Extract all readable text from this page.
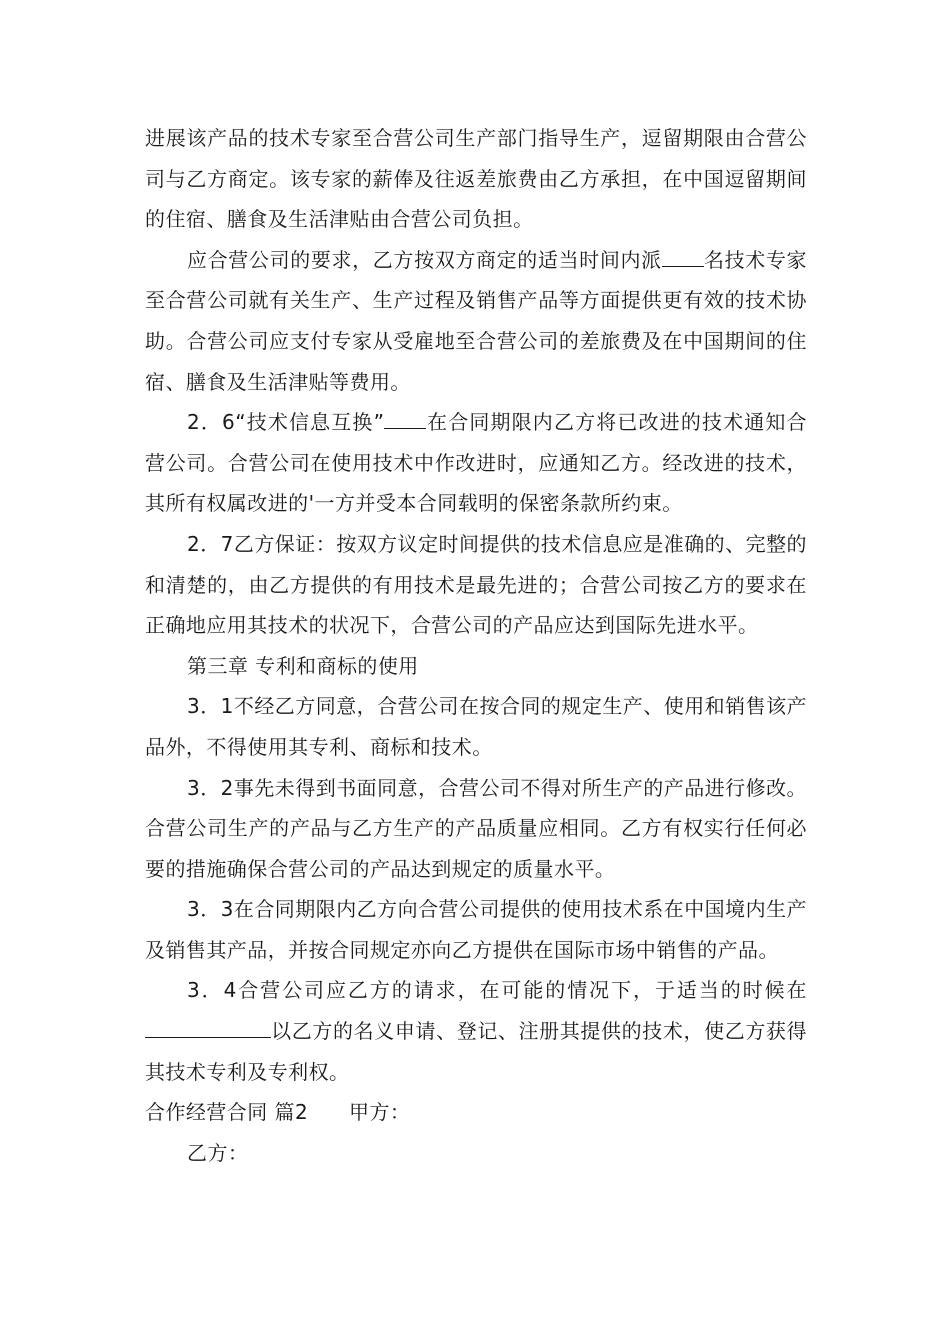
进展该产品的技术专家至合营公司生产部门指导生产，逗留期限由合营公司与乙方商定。该专家的薪俸及往返差旅费由乙方承担，在中国逗留期间的住宿、膳食及生活津贴由合营公司负担。

应合营公司的要求，乙方按双方商定的适当时间内派 名技术专家至合营公司就有关生产、生产过程及销售产品等方面提供更有效的技术协助。合营公司应支付专家从受雇地至合营公司的差旅费及在中国期间的住宿、膳食及生活津贴等费用。

2．6“技术信息互换” 在合同期限内乙方将已改进的技术通知合营公司。合营公司在使用技术中作改进时，应通知乙方。经改进的技术，其所有权属改进的'一方并受本合同载明的保密条款所约束。

2．7乙方保证：按双方议定时间提供的技术信息应是准确的、完整的和清楚的，由乙方提供的有用技术是最先进的；合营公司按乙方的要求在正确地应用其技术的状况下，合营公司的产品应达到国际先进水平。

第三章 专利和商标的使用

3．1不经乙方同意，合营公司在按合同的规定生产、使用和销售该产品外，不得使用其专利、商标和技术。

3．2事先未得到书面同意，合营公司不得对所生产的产品进行修改。合营公司生产的产品与乙方生产的产品质量应相同。乙方有权实行任何必要的措施确保合营公司的产品达到规定的质量水平。

3．3在合同期限内乙方向合营公司提供的使用技术系在中国境内生产及销售其产品，并按合同规定亦向乙方提供在国际市场中销售的产品。

3．4合营公司应乙方的请求，在可能的情况下，于适当的时候在以乙方的名义申请、登记、注册其提供的技术，使乙方获得其技术专利及专利权。

合作经营合同 篇2　　甲方：

乙方：
